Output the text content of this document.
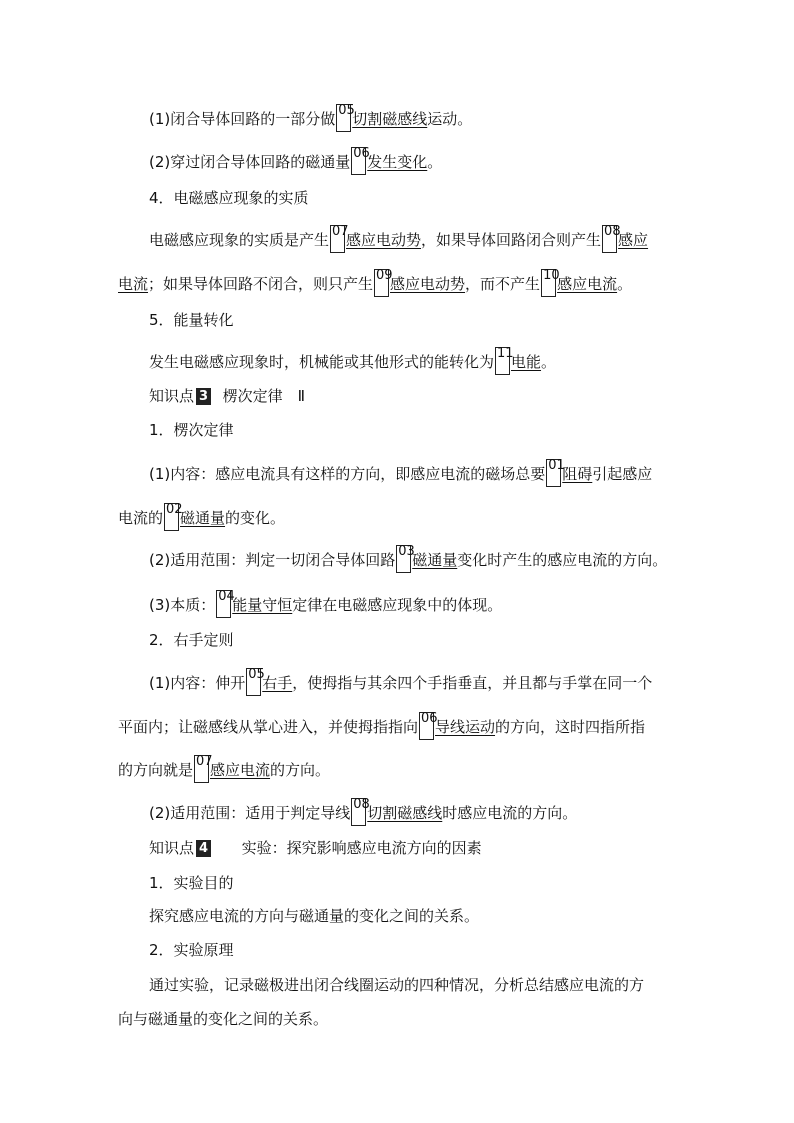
(1)闭合导体回路的一部分做 05
切割磁感线运动。
(2)穿过闭合导体回路的磁通量 06
发生变化。
4．电磁感应现象的实质
电磁感应现象的实质是产生 07
感应电动势，如果导体回路闭合则产生 08
感应
电流；如果导体回路不闭合，则只产生 09
感应电动势，而不产生 10
感应电流。
5．能量转化
发生电磁感应现象时，机械能或其他形式的能转化为 11
电能。
知识点 3 楞次定律　Ⅱ
1．楞次定律
(1)内容：感应电流具有这样的方向，即感应电流的磁场总要 01
阻碍引起感应
电流的 02
磁通量的变化。
(2)适用范围：判定一切闭合导体回路 03
磁通量变化时产生的感应电流的方向。
(3)本质： 04
能量守恒定律在电磁感应现象中的体现。
2．右手定则
(1)内容：伸开 05
右手，使拇指与其余四个手指垂直，并且都与手掌在同一个
平面内；让磁感线从掌心进入，并使拇指指向 06
导线运动的方向，这时四指所指
的方向就是 07
感应电流的方向。
(2)适用范围：适用于判定导线 08
切割磁感线时感应电流的方向。
知识点 4 实验：探究影响感应电流方向的因素
1．实验目的
探究感应电流的方向与磁通量的变化之间的关系。
2．实验原理
通过实验，记录磁极进出闭合线圈运动的四种情况，分析总结感应电流的方
向与磁通量的变化之间的关系。
